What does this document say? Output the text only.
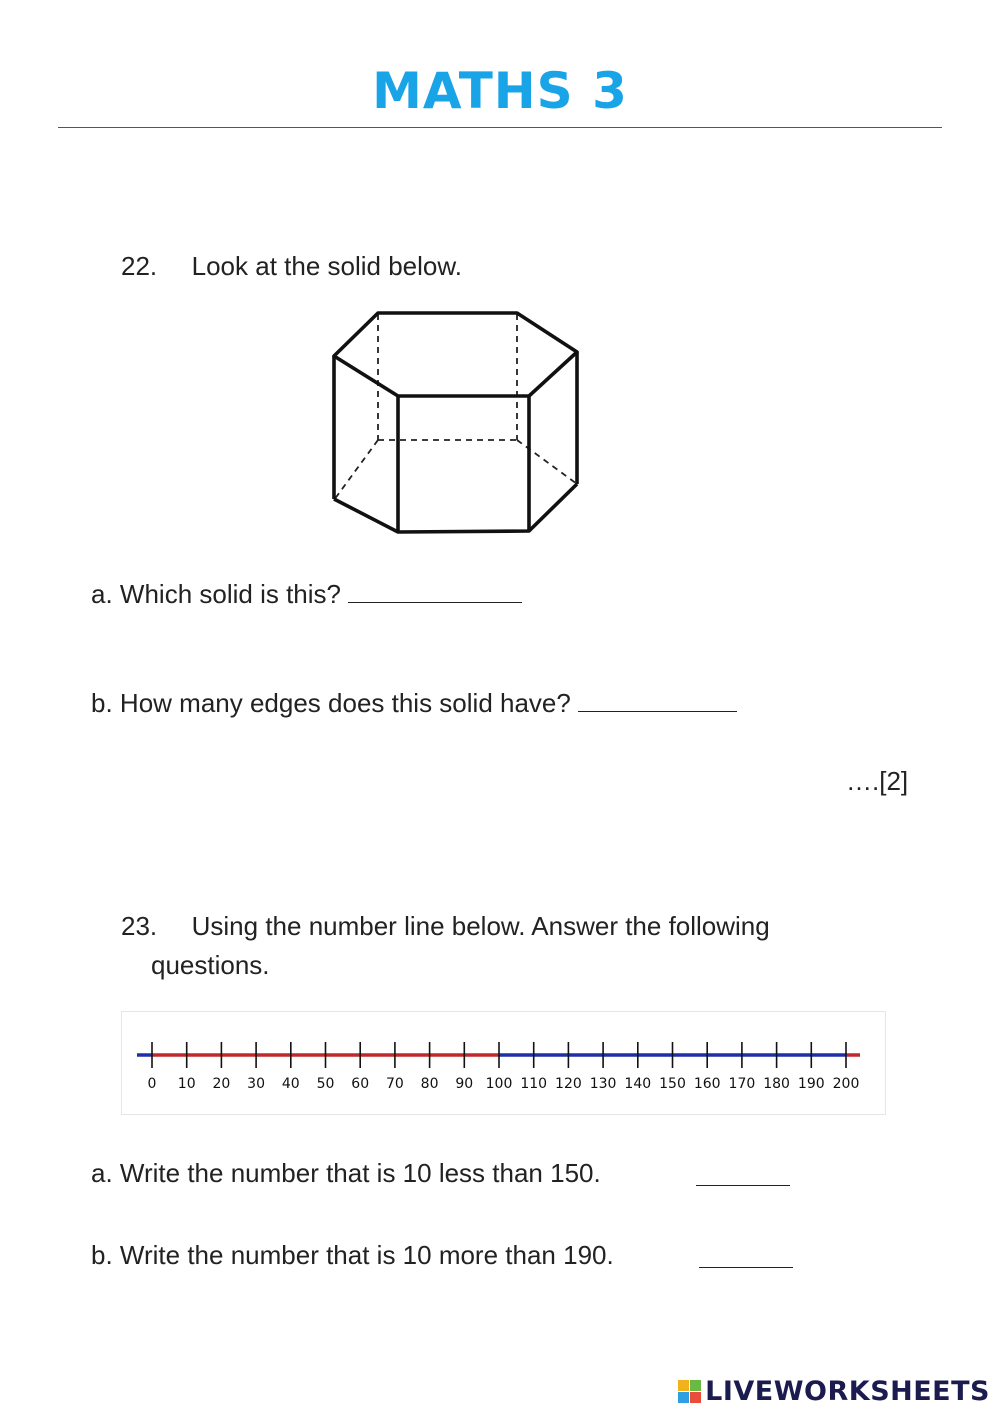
MATHS 3
22. Look at the solid below.
a. Which solid is this?
b. How many edges does this solid have?
….[2]
23. Using the number line below. Answer the following
questions.
0 10 20 30 40 50 60 70 80 90 100 110 120 130 140 150 160 170 180 190 200
a. Write the number that is 10 less than 150.
b. Write the number that is 10 more than 190.
LIVEWORKSHEETS
